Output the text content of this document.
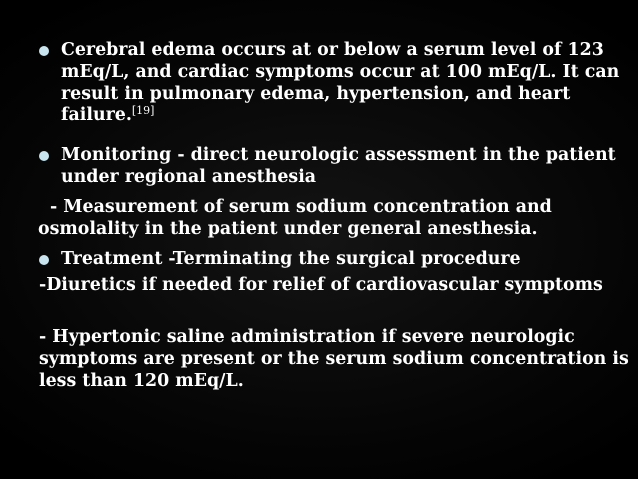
Cerebral edema occurs at or below a serum level of 123 mEq/L, and cardiac symptoms occur at 100 mEq/L. It can result in pulmonary edema, hypertension, and heart failure.[19]
Monitoring - direct neurologic assessment in the patient under regional anesthesia
- Measurement of serum sodium concentration and osmolality in the patient under general anesthesia.
Treatment -Terminating the surgical procedure
-Diuretics if needed for relief of cardiovascular symptoms
- Hypertonic saline administration if severe neurologic symptoms are present or the serum sodium concentration is less than 120 mEq/L.
